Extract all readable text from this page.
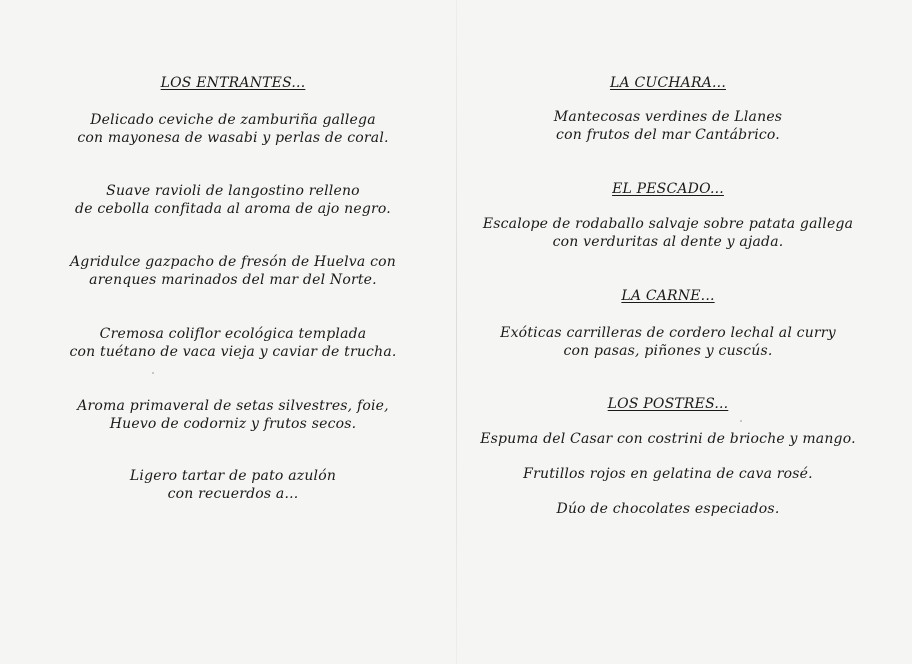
LOS ENTRANTES...
Delicado ceviche de zamburiña gallega
con mayonesa de wasabi y perlas de coral.
Suave ravioli de langostino relleno
de cebolla confitada al aroma de ajo negro.
Agridulce gazpacho de fresón de Huelva con
arenques marinados del mar del Norte.
Cremosa coliflor ecológica templada
con tuétano de vaca vieja y caviar de trucha.
Aroma primaveral de setas silvestres, foie,
Huevo de codorniz y frutos secos.
Ligero tartar de pato azulón
con recuerdos a...
LA CUCHARA...
Mantecosas verdines de Llanes
con frutos del mar Cantábrico.
EL PESCADO...
Escalope de rodaballo salvaje sobre patata gallega
con verduritas al dente y ajada.
LA CARNE...
Exóticas carrilleras de cordero lechal al curry
con pasas, piñones y cuscús.
LOS POSTRES...
Espuma del Casar con costrini de brioche y mango.
Frutillos rojos en gelatina de cava rosé.
Dúo de chocolates especiados.
